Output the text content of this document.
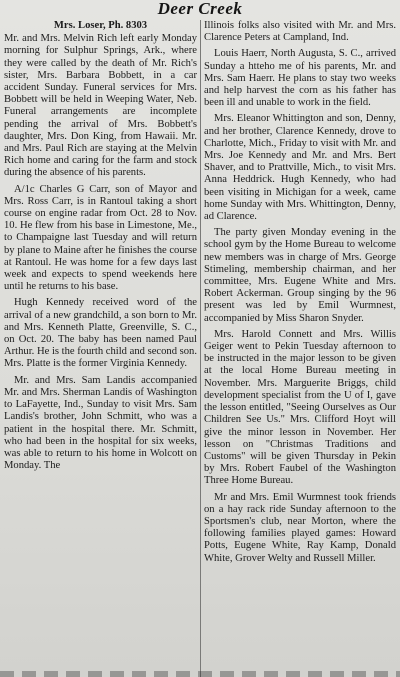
Deer Creek
Mrs. Loser, Ph. 8303

Mr. and Mrs. Melvin Rich left early Monday morning for Sulphur Springs, Ark., where they were called by the death of Mr. Rich's sister, Mrs. Barbara Bobbett, in a car accident Sunday. Funeral services for Mrs. Bobbett will be held in Weeping Water, Neb. Funeral arrangements are incomplete pending the arrival of Mrs. Bobbett's daughter, Mrs. Don King, from Hawaii. Mr. and Mrs. Paul Rich are staying at the Melvin Rich home and caring for the farm and stock during the absence of his parents.

A/1c Charles G Carr, son of Mayor and Mrs. Ross Carr, is in Rantoul taking a short course on engine radar from Oct. 28 to Nov. 10. He flew from his base in Limestone, Me., to Champaigne last Tuesday and will return by plane to Maine after he finishes the course at Rantoul. He was home for a few days last week and expects to spend weekends here until he returns to his base.

Hugh Kennedy received word of the arrival of a new grandchild, a son born to Mr. and Mrs. Kenneth Platte, Greenville, S. C., on Oct. 20. The baby has been named Paul Arthur. He is the fourth child and second son. Mrs. Platte is the former Virginia Kennedy.

Mr. and Mrs. Sam Landis accompanied Mr. and Mrs. Sherman Landis of Washington to LaFayette, Ind., Sunday to visit Mrs. Sam Landis's brother, John Schmitt, who was a patient in the hospital there. Mr. Schmitt, who had been in the hospital for six weeks, was able to return to his home in Wolcott on Monday. The

Illinois folks also visited with Mr. and Mrs. Clarence Peters at Campland, Ind.

Louis Haerr, North Augusta, S. C., arrived Sunday a htteho me of his parents, Mr. and Mrs. Sam Haerr. He plans to stay two weeks and help harvest the corn as his father has been ill and unable to work in the field.

Mrs. Eleanor Whittington and son, Denny, and her brother, Clarence Kennedy, drove to Charlotte, Mich., Friday to visit with Mr. and Mrs. Joe Kennedy and Mr. and Mrs. Bert Shaver, and to Prattville, Mich., to visit Mrs. Anna Heddrick. Hugh Kennedy, who had been visiting in Michigan for a week, came home Sunday with Mrs. Whittington, Denny, ad Clarence.

The party given Monday evening in the school gym by the Home Bureau to welcome new members was in charge of Mrs. George Stimeling, membership chairman, and her committee, Mrs. Eugene White and Mrs. Robert Ackerman. Group singing by the 96 present was led by Emil Wurmnest, accompanied by Miss Sharon Snyder.

Mrs. Harold Connett and Mrs. Willis Geiger went to Pekin Tuesday afternoon to be instructed in the major lesson to be given at the local Home Bureau meeting in November. Mrs. Marguerite Briggs, child development specialist from the U of I, gave the lesson entitled, "Seeing Ourselves as Our Children See Us." Mrs. Clifford Hoyt will give the minor lesson in November. Her lesson on "Christmas Traditions and Customs" will be given Thursday in Pekin by Mrs. Robert Faubel of the Washington Three Home Bureau.

Mr and Mrs. Emil Wurmnest took friends on a hay rack ride Sunday afternoon to the Sportsmen's club, near Morton, where the following families played games: Howard Potts, Eugene White, Ray Kamp, Donald White, Grover Welty and Russell Miller.
